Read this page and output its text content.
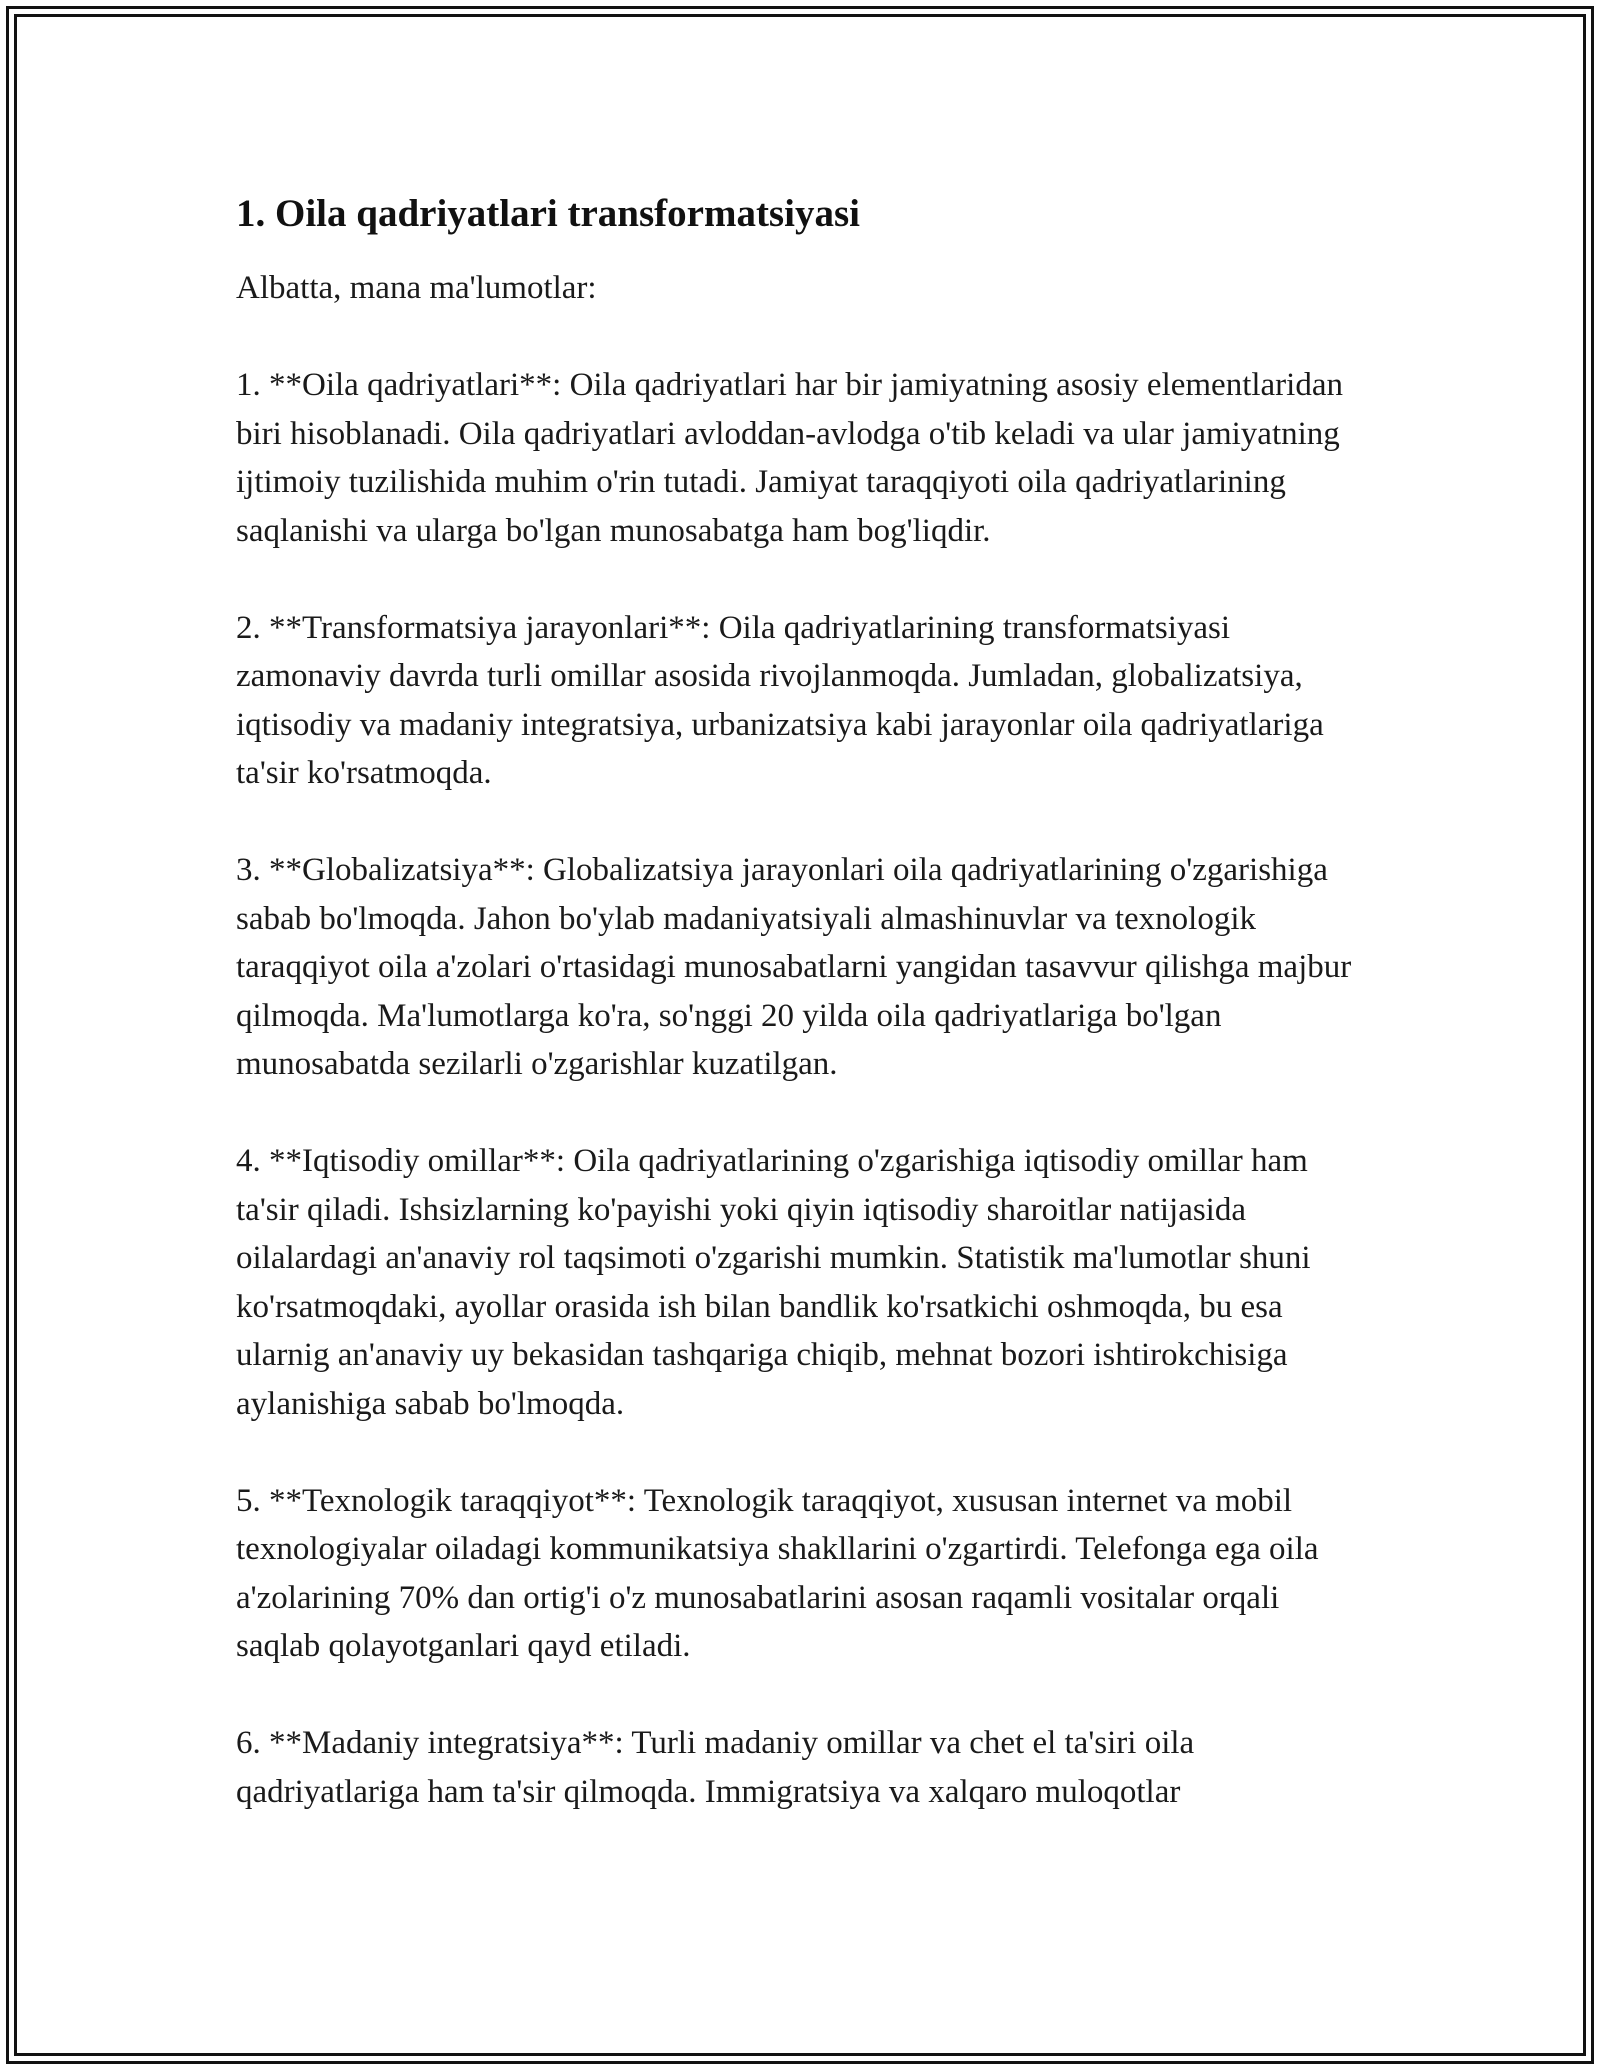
1. Oila qadriyatlari transformatsiyasi

Albatta, mana ma'lumotlar:

1. **Oila qadriyatlari**: Oila qadriyatlari har bir jamiyatning asosiy elementlaridan biri hisoblanadi. Oila qadriyatlari avloddan-avlodga o'tib keladi va ular jamiyatning ijtimoiy tuzilishida muhim o'rin tutadi. Jamiyat taraqqiyoti oila qadriyatlarining saqlanishi va ularga bo'lgan munosabatga ham bog'liqdir.

2. **Transformatsiya jarayonlari**: Oila qadriyatlarining transformatsiyasi zamonaviy davrda turli omillar asosida rivojlanmoqda. Jumladan, globalizatsiya, iqtisodiy va madaniy integratsiya, urbanizatsiya kabi jarayonlar oila qadriyatlariga ta'sir ko'rsatmoqda.

3. **Globalizatsiya**: Globalizatsiya jarayonlari oila qadriyatlarining o'zgarishiga sabab bo'lmoqda. Jahon bo'ylab madaniyatsiyali almashinuvlar va texnologik taraqqiyot oila a'zolari o'rtasidagi munosabatlarni yangidan tasavvur qilishga majbur qilmoqda. Ma'lumotlarga ko'ra, so'nggi 20 yilda oila qadriyatlariga bo'lgan munosabatda sezilarli o'zgarishlar kuzatilgan.

4. **Iqtisodiy omillar**: Oila qadriyatlarining o'zgarishiga iqtisodiy omillar ham ta'sir qiladi. Ishsizlarning ko'payishi yoki qiyin iqtisodiy sharoitlar natijasida oilalardagi an'anaviy rol taqsimoti o'zgarishi mumkin. Statistik ma'lumotlar shuni ko'rsatmoqdaki, ayollar orasida ish bilan bandlik ko'rsatkichi oshmoqda, bu esa ularnig an'anaviy uy bekasidan tashqariga chiqib, mehnat bozori ishtirokchisiga aylanishiga sabab bo'lmoqda.

5. **Texnologik taraqqiyot**: Texnologik taraqqiyot, xususan internet va mobil texnologiyalar oiladagi kommunikatsiya shakllarini o'zgartirdi. Telefonga ega oila a'zolarining 70% dan ortig'i o'z munosabatlarini asosan raqamli vositalar orqali saqlab qolayotganlari qayd etiladi.

6. **Madaniy integratsiya**: Turli madaniy omillar va chet el ta'siri oila qadriyatlariga ham ta'sir qilmoqda. Immigratsiya va xalqaro muloqotlar
